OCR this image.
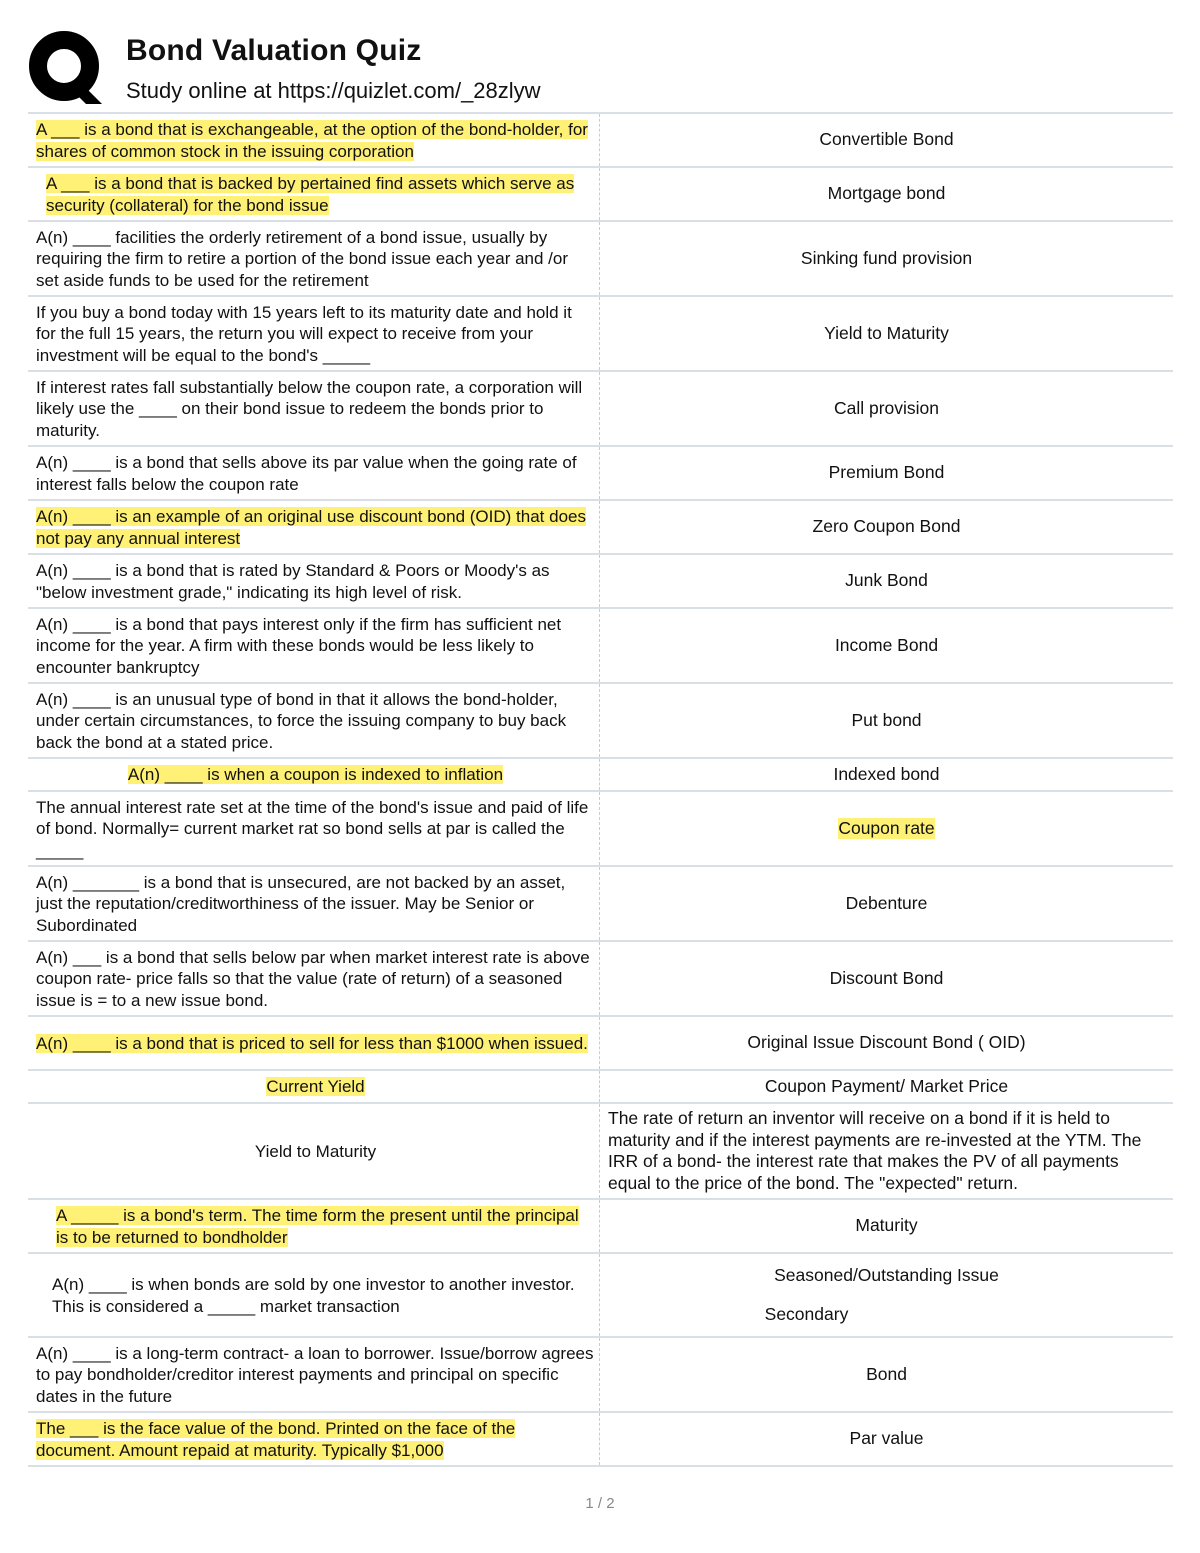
Bond Valuation Quiz
Study online at https://quizlet.com/_28zlyw
A ___ is a bond that is exchangeable, at the option of the bond-holder, for shares of common stock in the issuing corporation
Convertible Bond
A ___ is a bond that is backed by pertained find assets which serve as security (collateral) for the bond issue
Mortgage bond
A(n) ____ facilities the orderly retirement of a bond issue, usually by requiring the firm to retire a portion of the bond issue each year and /or set aside funds to be used for the retirement
Sinking fund provision
If you buy a bond today with 15 years left to its maturity date and hold it for the full 15 years, the return you will expect to receive from your investment will be equal to the bond's _____
Yield to Maturity
If interest rates fall substantially below the coupon rate, a corporation will likely use the ____ on their bond issue to redeem the bonds prior to maturity.
Call provision
A(n) ____ is a bond that sells above its par value when the going rate of interest falls below the coupon rate
Premium Bond
A(n) ____ is an example of an original use discount bond (OID) that does not pay any annual interest
Zero Coupon Bond
A(n) ____ is a bond that is rated by Standard & Poors or Moody's as "below investment grade," indicating its high level of risk.
Junk Bond
A(n) ____ is a bond that pays interest only if the firm has sufficient net income for the year. A firm with these bonds would be less likely to encounter bankruptcy
Income Bond
A(n) ____ is an unusual type of bond in that it allows the bond-holder, under certain circumstances, to force the issuing company to buy back back the bond at a stated price.
Put bond
A(n) ____ is when a coupon is indexed to inflation	Indexed bond
The annual interest rate set at the time of the bond's issue and paid of life of bond. Normally= current market rat so bond sells at par is called the _____
Coupon rate
A(n) _______ is a bond that is unsecured, are not backed by an asset, just the reputation/creditworthiness of the issuer. May be Senior or Subordinated
Debenture
A(n) ___ is a bond that sells below par when market interest rate is above coupon rate- price falls so that the value (rate of return) of a seasoned issue is = to a new issue bond.
Discount Bond
A(n) ____ is a bond that is priced to sell for less than $1000 when issued.	Original Issue Discount Bond ( OID)
Current Yield	Coupon Payment/ Market Price
Yield to Maturity
The rate of return an inventor will receive on a bond if it is held to maturity and if the interest payments are re-invested at the YTM. The IRR of a bond- the interest rate that makes the PV of all payments equal to the price of the bond. The "expected" return.
A _____ is a bond's term. The time form the present until the principal is to be returned to bondholder
Maturity
A(n) ____ is when bonds are sold by one investor to another investor. This is considered a _____ market transaction
Seasoned/Outstanding Issue
Secondary
A(n) ____ is a long-term contract- a loan to borrower. Issue/borrow agrees to pay bondholder/creditor interest payments and principal on specific dates in the future
Bond
The ___ is the face value of the bond. Printed on the face of the document. Amount repaid at maturity. Typically $1,000
Par value
1 / 2
